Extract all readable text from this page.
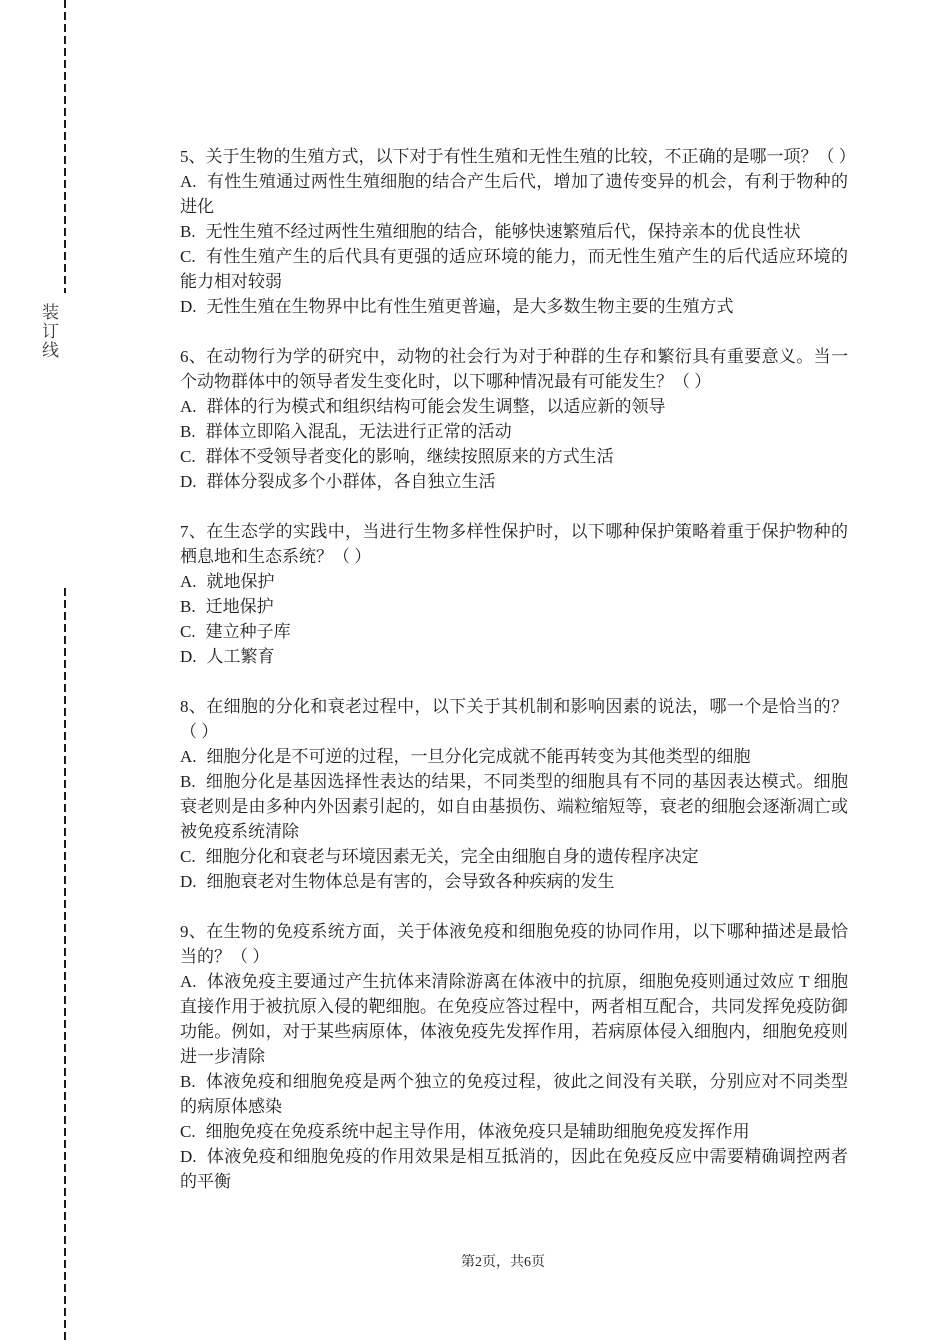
装订线

5、关于生物的生殖方式，以下对于有性生殖和无性生殖的比较，不正确的是哪一项？（ ）

A. 有性生殖通过两性生殖细胞的结合产生后代，增加了遗传变异的机会，有利于物种的进化

B. 无性生殖不经过两性生殖细胞的结合，能够快速繁殖后代，保持亲本的优良性状

C. 有性生殖产生的后代具有更强的适应环境的能力，而无性生殖产生的后代适应环境的能力相对较弱

D. 无性生殖在生物界中比有性生殖更普遍，是大多数生物主要的生殖方式

6、在动物行为学的研究中，动物的社会行为对于种群的生存和繁衍具有重要意义。当一个动物群体中的领导者发生变化时，以下哪种情况最有可能发生？（ ）

A. 群体的行为模式和组织结构可能会发生调整，以适应新的领导

B. 群体立即陷入混乱，无法进行正常的活动

C. 群体不受领导者变化的影响，继续按照原来的方式生活

D. 群体分裂成多个小群体，各自独立生活

7、在生态学的实践中，当进行生物多样性保护时，以下哪种保护策略着重于保护物种的栖息地和生态系统？（ ）

A. 就地保护

B. 迁地保护

C. 建立种子库

D. 人工繁育

8、在细胞的分化和衰老过程中，以下关于其机制和影响因素的说法，哪一个是恰当的？（ ）

A. 细胞分化是不可逆的过程，一旦分化完成就不能再转变为其他类型的细胞

B. 细胞分化是基因选择性表达的结果，不同类型的细胞具有不同的基因表达模式。细胞衰老则是由多种内外因素引起的，如自由基损伤、端粒缩短等，衰老的细胞会逐渐凋亡或被免疫系统清除

C. 细胞分化和衰老与环境因素无关，完全由细胞自身的遗传程序决定

D. 细胞衰老对生物体总是有害的，会导致各种疾病的发生

9、在生物的免疫系统方面，关于体液免疫和细胞免疫的协同作用，以下哪种描述是最恰当的？（ ）

A. 体液免疫主要通过产生抗体来清除游离在体液中的抗原，细胞免疫则通过效应 T 细胞直接作用于被抗原入侵的靶细胞。在免疫应答过程中，两者相互配合，共同发挥免疫防御功能。例如，对于某些病原体，体液免疫先发挥作用，若病原体侵入细胞内，细胞免疫则进一步清除

B. 体液免疫和细胞免疫是两个独立的免疫过程，彼此之间没有关联，分别应对不同类型的病原体感染

C. 细胞免疫在免疫系统中起主导作用，体液免疫只是辅助细胞免疫发挥作用

D. 体液免疫和细胞免疫的作用效果是相互抵消的，因此在免疫反应中需要精确调控两者的平衡

第2页，共6页
